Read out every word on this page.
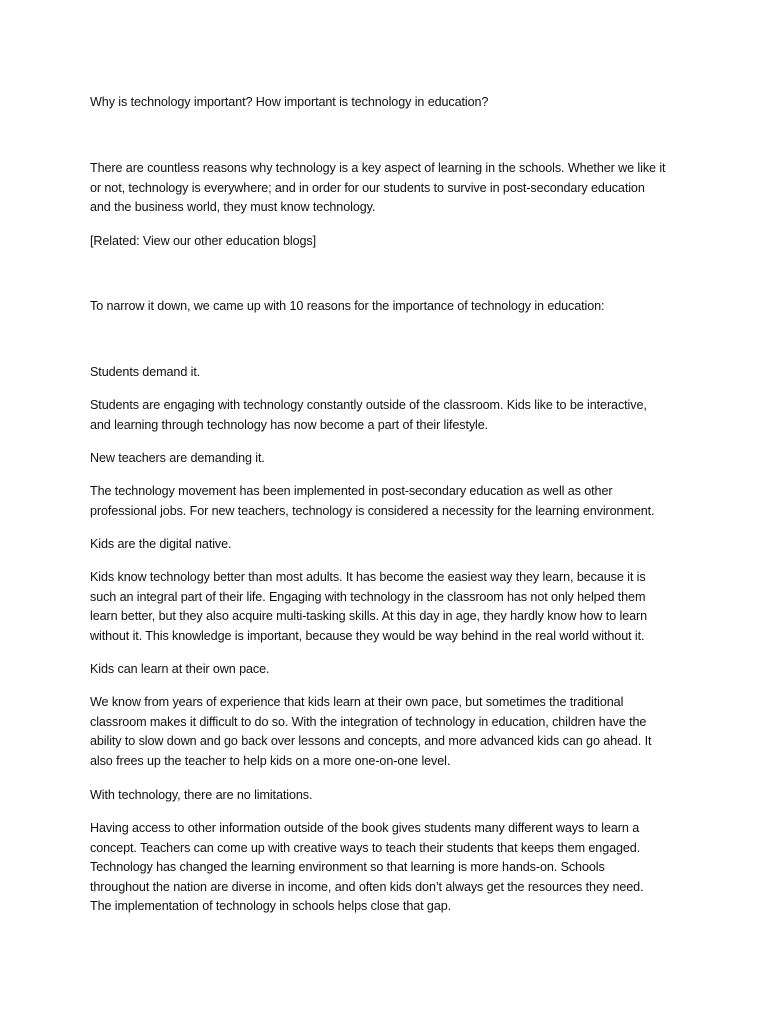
Why is technology important? How important is technology in education?

There are countless reasons why technology is a key aspect of learning in the schools. Whether we like it
or not, technology is everywhere; and in order for our students to survive in post-secondary education
and the business world, they must know technology.

[Related: View our other education blogs]

To narrow it down, we came up with 10 reasons for the importance of technology in education:

Students demand it.

Students are engaging with technology constantly outside of the classroom. Kids like to be interactive,
and learning through technology has now become a part of their lifestyle.

New teachers are demanding it.

The technology movement has been implemented in post-secondary education as well as other
professional jobs. For new teachers, technology is considered a necessity for the learning environment.

Kids are the digital native.

Kids know technology better than most adults. It has become the easiest way they learn, because it is
such an integral part of their life. Engaging with technology in the classroom has not only helped them
learn better, but they also acquire multi-tasking skills. At this day in age, they hardly know how to learn
without it. This knowledge is important, because they would be way behind in the real world without it.

Kids can learn at their own pace.

We know from years of experience that kids learn at their own pace, but sometimes the traditional
classroom makes it difficult to do so. With the integration of technology in education, children have the
ability to slow down and go back over lessons and concepts, and more advanced kids can go ahead. It
also frees up the teacher to help kids on a more one-on-one level.

With technology, there are no limitations.

Having access to other information outside of the book gives students many different ways to learn a
concept. Teachers can come up with creative ways to teach their students that keeps them engaged.
Technology has changed the learning environment so that learning is more hands-on. Schools
throughout the nation are diverse in income, and often kids don’t always get the resources they need.
The implementation of technology in schools helps close that gap.
